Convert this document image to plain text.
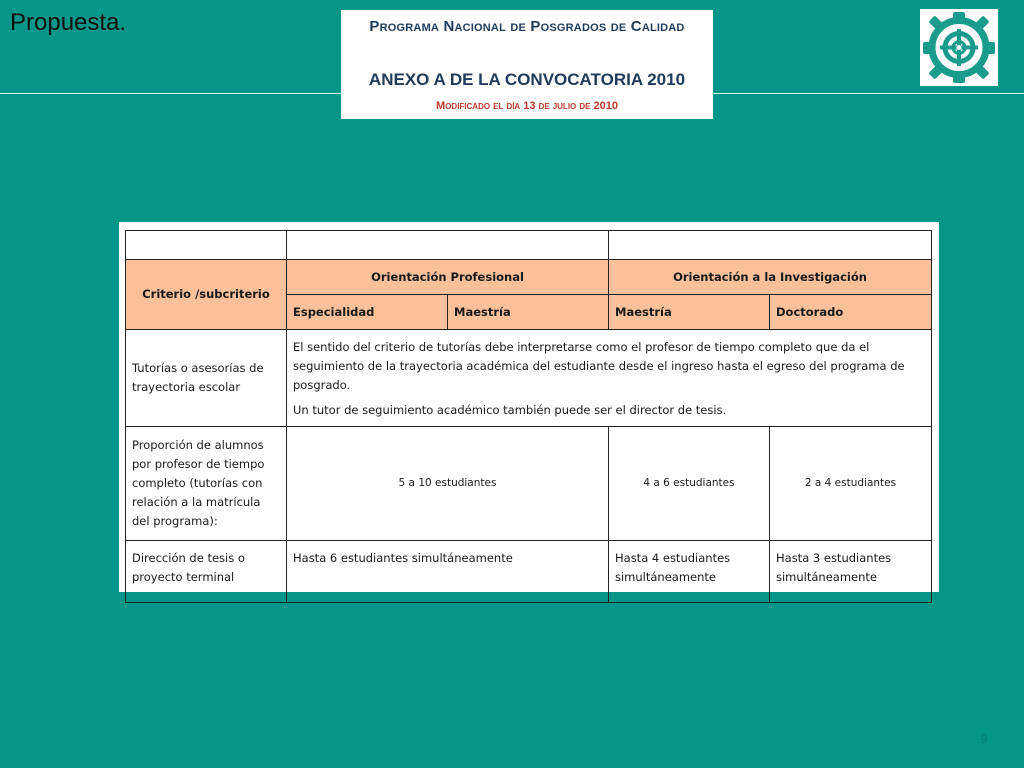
Propuesta.	Programa Nacional de Posgrados de Calidad
ANEXO A DE LA CONVOCATORIA 2010
Modificado el día 13 de julio de 2010

Criterio /subcriterio	Orientación Profesional		Orientación a la Investigación	
	Especialidad	Maestría	Maestría	Doctorado
Tutorías o asesorías de trayectoria escolar	El sentido del criterio de tutorías debe interpretarse como el profesor de tiempo completo que da el seguimiento de la trayectoria académica del estudiante desde el ingreso hasta el egreso del programa de posgrado.

Un tutor de seguimiento académico también puede ser el director de tesis.			

Proporción de alumnos por profesor de tiempo completo (tutorías con relación a la matrícula del programa):	5 a 10 estudiantes		4 a 6 estudiantes	2 a 4 estudiantes
Dirección de tesis o proyecto terminal	Hasta 6 estudiantes simultáneamente		Hasta 4 estudiantes simultáneamente	Hasta 3 estudiantes simultáneamente
9
